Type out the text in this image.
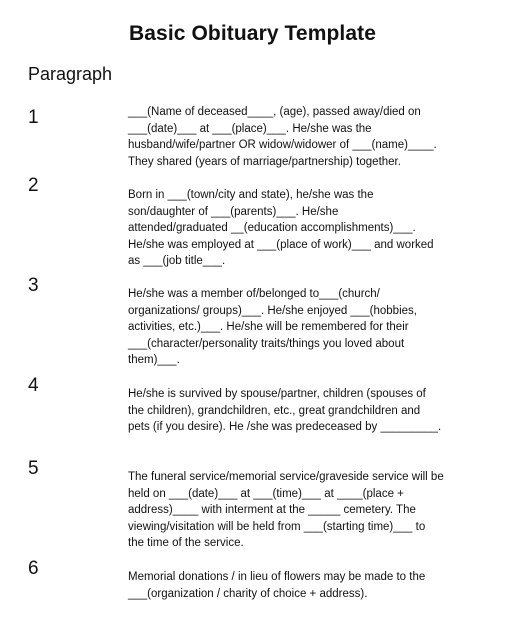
Basic Obituary Template
Paragraph
1	___(Name of deceased____, (age), passed away/died on
___(date)___ at ___(place)___. He/she was the
husband/wife/partner OR widow/widower of ___(name)____.
They shared (years of marriage/partnership) together.
2	Born in ___(town/city and state), he/she was the
son/daughter of ___(parents)___. He/she
attended/graduated __(education accomplishments)___.
He/she was employed at ___(place of work)___ and worked
as ___(job title___.
3	He/she was a member of/belonged to___(church/
organizations/ groups)___. He/she enjoyed ___(hobbies,
activities, etc.)___. He/she will be remembered for their
___(character/personality traits/things you loved about
them)___.
4	He/she is survived by spouse/partner, children (spouses of
the children), grandchildren, etc., great grandchildren and
pets (if you desire). He /she was predeceased by _________.
5	The funeral service/memorial service/graveside service will be
held on ___(date)___ at ___(time)___ at ____(place +
address)____ with interment at the _____ cemetery. The
viewing/visitation will be held from ___(starting time)___ to
the time of the service.
6	Memorial donations / in lieu of flowers may be made to the
___(organization / charity of choice + address).
